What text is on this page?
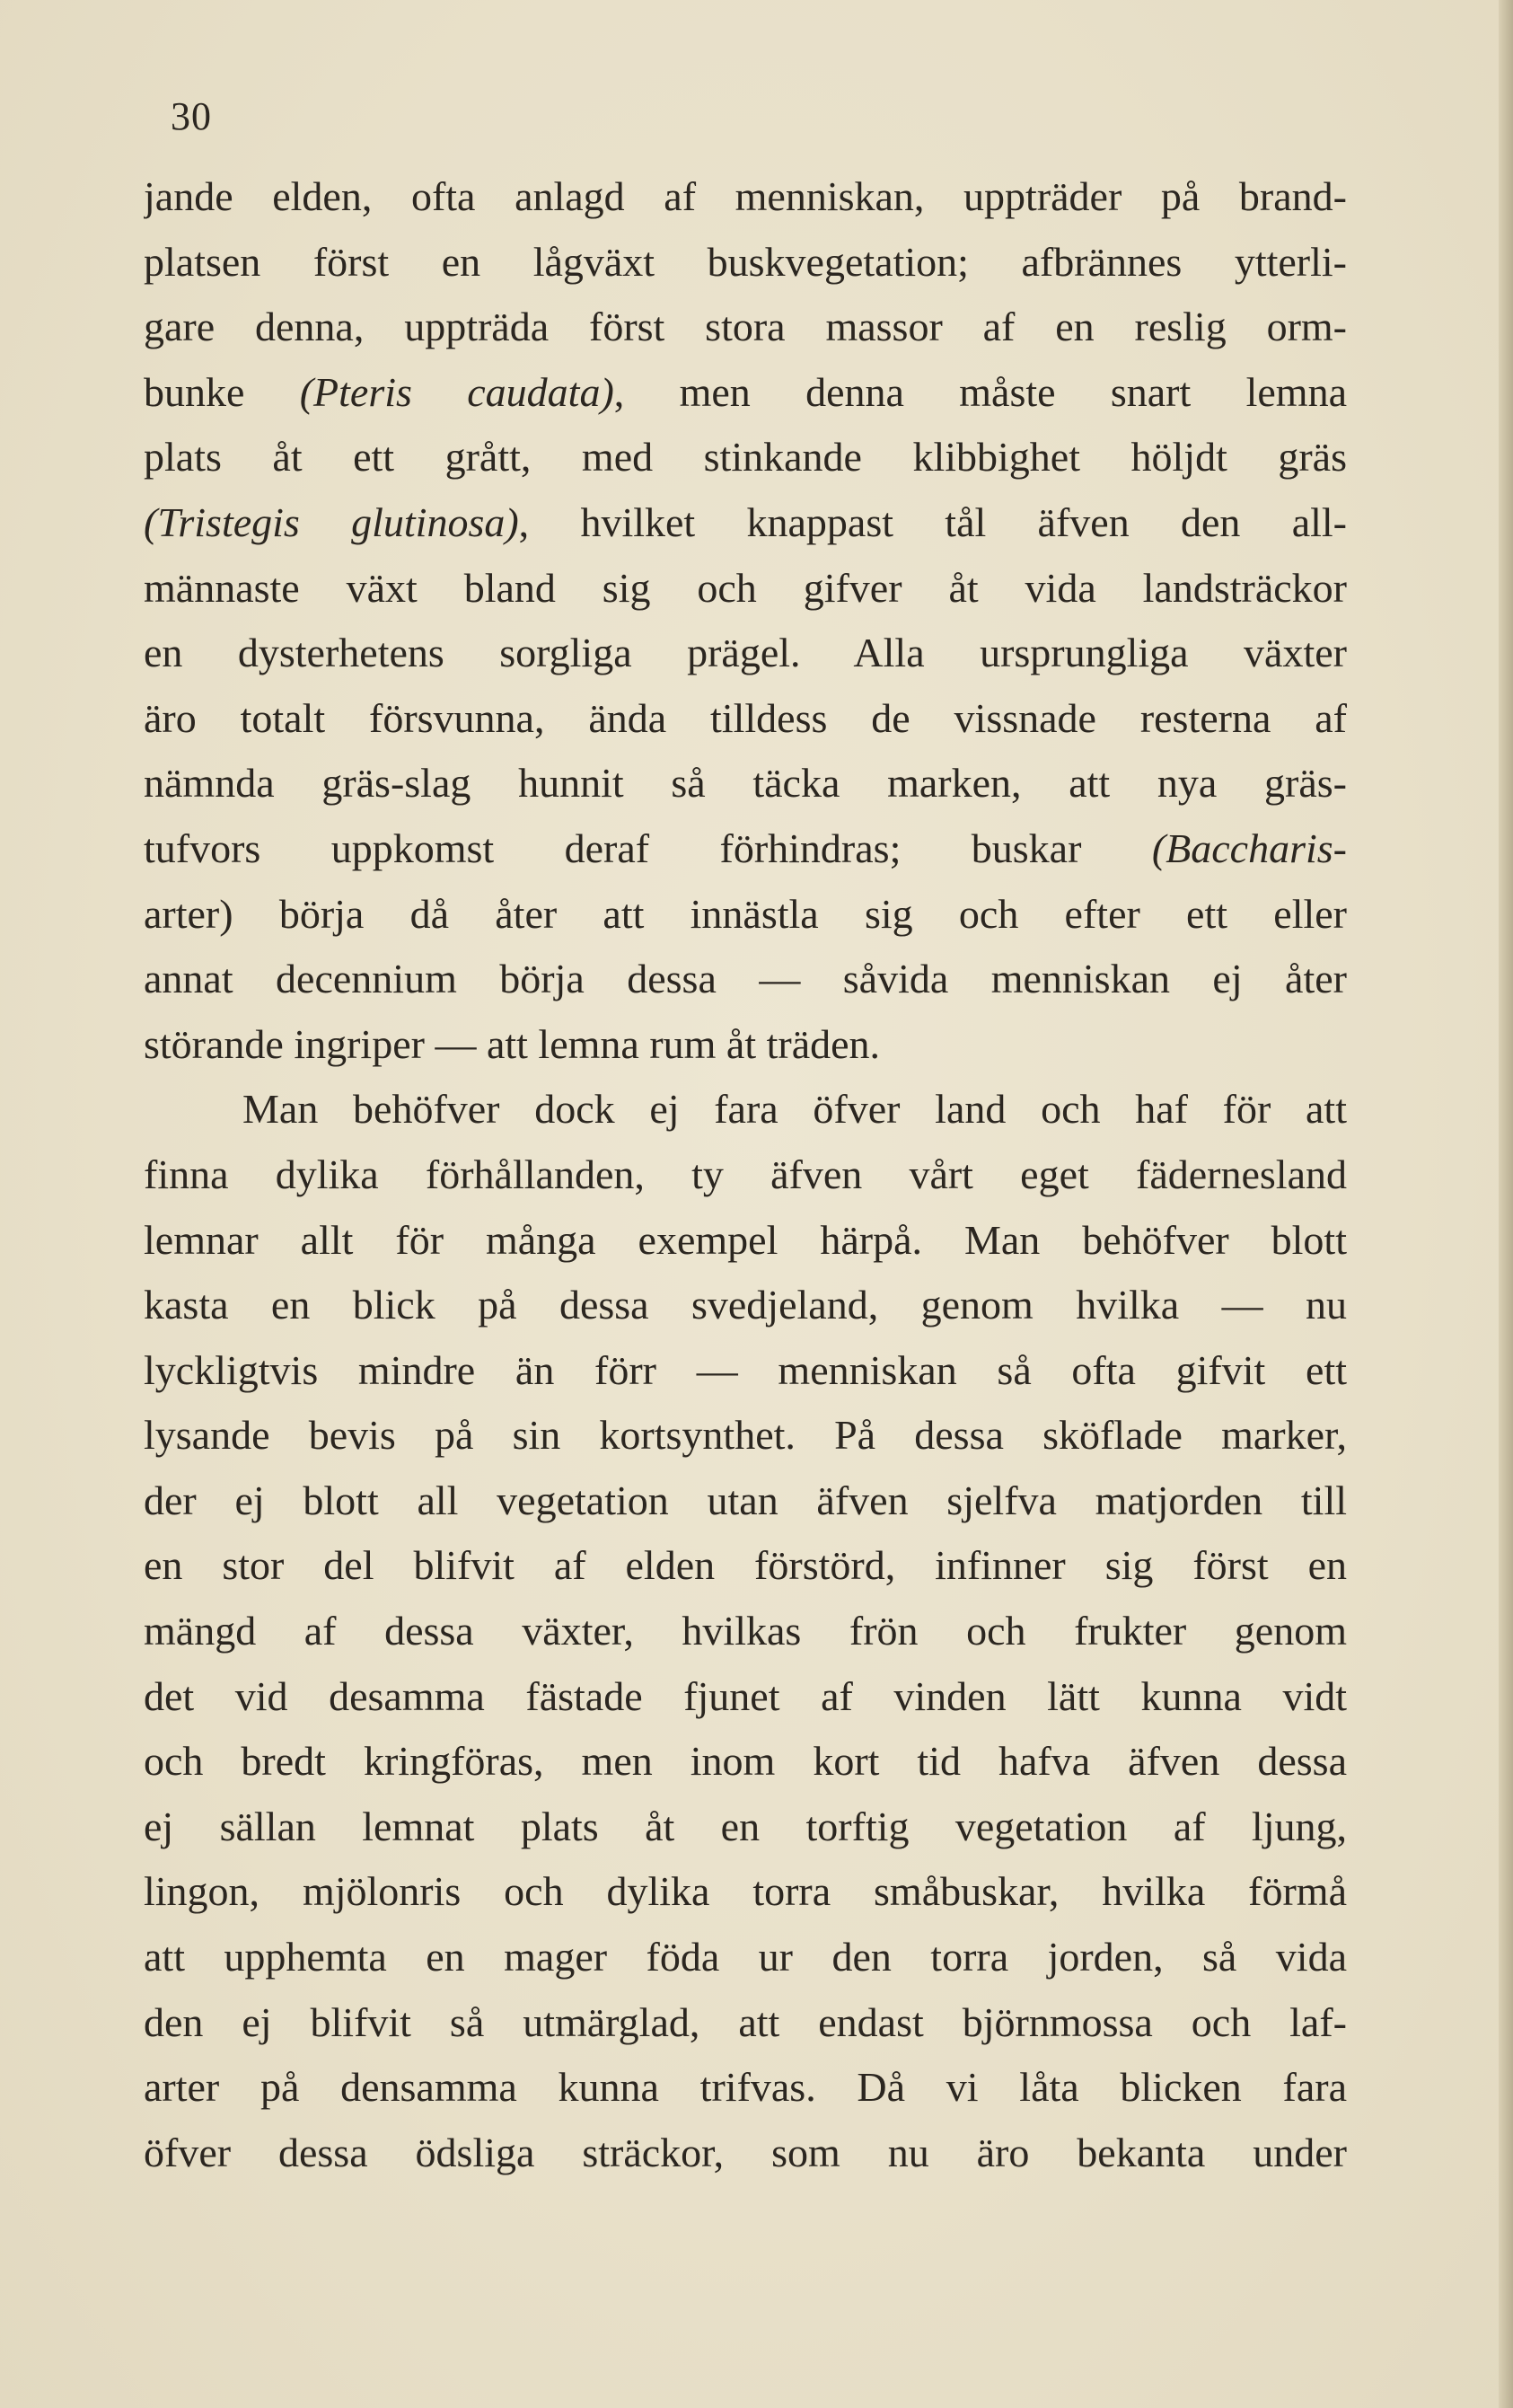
30
jande elden, ofta anlagd af menniskan, uppträder på brand-
platsen först en lågväxt buskvegetation; afbrännes ytterli-
gare denna, uppträda först stora massor af en reslig orm-
bunke (Pteris caudata), men denna måste snart lemna
plats åt ett grått, med stinkande klibbighet höljdt gräs
(Tristegis glutinosa), hvilket knappast tål äfven den all-
männaste växt bland sig och gifver åt vida landsträckor
en dysterhetens sorgliga prägel. Alla ursprungliga växter
äro totalt försvunna, ända tilldess de vissnade resterna af
nämnda gräs-slag hunnit så täcka marken, att nya gräs-
tufvors uppkomst deraf förhindras; buskar (Baccharis-
arter) börja då åter att innästla sig och efter ett eller
annat decennium börja dessa — såvida menniskan ej åter
störande ingriper — att lemna rum åt träden.
Man behöfver dock ej fara öfver land och haf för att
finna dylika förhållanden, ty äfven vårt eget fädernesland
lemnar allt för många exempel härpå. Man behöfver blott
kasta en blick på dessa svedjeland, genom hvilka — nu
lyckligtvis mindre än förr — menniskan så ofta gifvit ett
lysande bevis på sin kortsynthet. På dessa sköflade marker,
der ej blott all vegetation utan äfven sjelfva matjorden till
en stor del blifvit af elden förstörd, infinner sig först en
mängd af dessa växter, hvilkas frön och frukter genom
det vid desamma fästade fjunet af vinden lätt kunna vidt
och bredt kringföras, men inom kort tid hafva äfven dessa
ej sällan lemnat plats åt en torftig vegetation af ljung,
lingon, mjölonris och dylika torra småbuskar, hvilka förmå
att upphemta en mager föda ur den torra jorden, så vida
den ej blifvit så utmärglad, att endast björnmossa och laf-
arter på densamma kunna trifvas. Då vi låta blicken fara
öfver dessa ödsliga sträckor, som nu äro bekanta under
